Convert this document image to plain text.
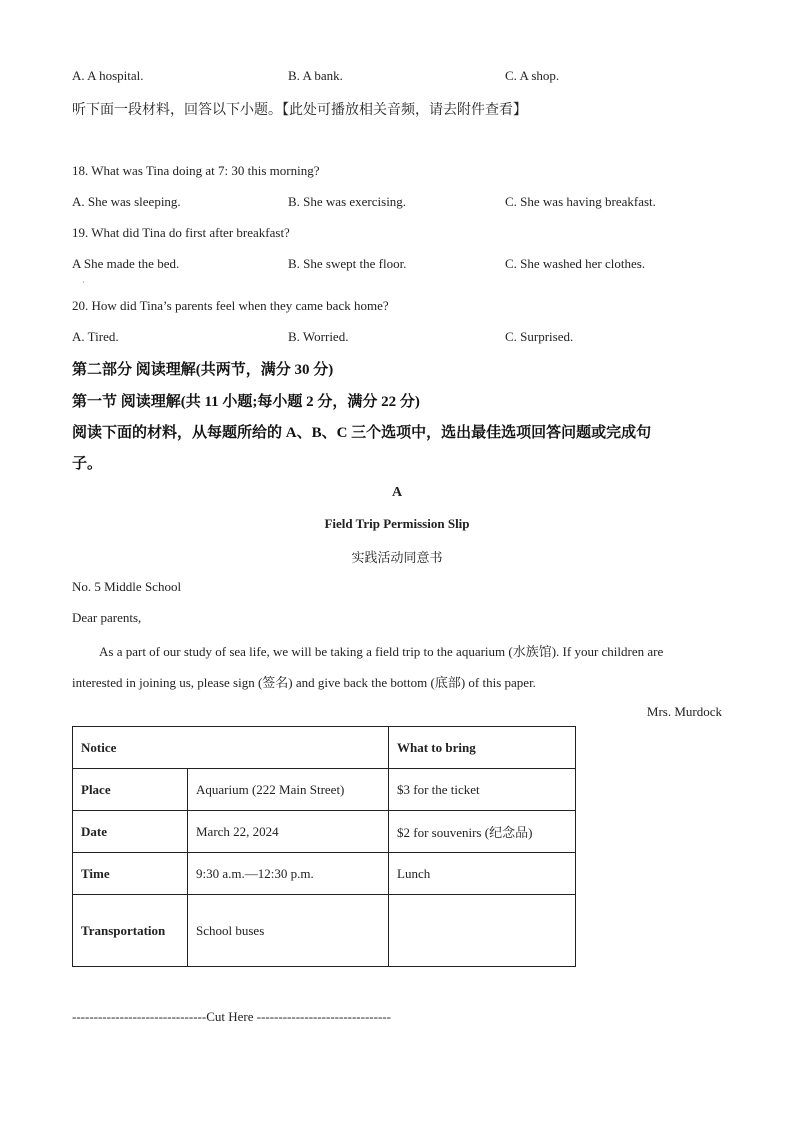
A. A hospital.	B. A bank.	C. A shop.
听下面一段材料，回答以下小题。【此处可播放相关音频，请去附件查看】
18. What was Tina doing at 7: 30 this morning?
A. She was sleeping.	B. She was exercising.	C. She was having breakfast.
19. What did Tina do first after breakfast?
A She made the bed.	B. She swept the floor.	C. She washed her clothes.
·
20. How did Tina’s parents feel when they came back home?
A. Tired.	B. Worried.	C. Surprised.
第二部分 阅读理解(共两节，满分 30 分)
第一节 阅读理解(共 11 小题;每小题 2 分，满分 22 分)
阅读下面的材料，从每题所给的 A、B、C 三个选项中，选出最佳选项回答问题或完成句
子。
A
Field Trip Permission Slip
实践活动同意书
No. 5 Middle School
Dear parents,
As a part of our study of sea life, we will be taking a field trip to the aquarium (水族馆). If your children are
interested in joining us, please sign (签名) and give back the bottom (底部) of this paper.
Mrs. Murdock
Notice		What to bring
Place	Aquarium (222 Main Street)	$3 for the ticket
Date	March 22, 2024	$2 for souvenirs (纪念品)
Time	9:30 a.m.—12:30 p.m.	Lunch
Transportation	School buses	
-------------------------------Cut Here -------------------------------
